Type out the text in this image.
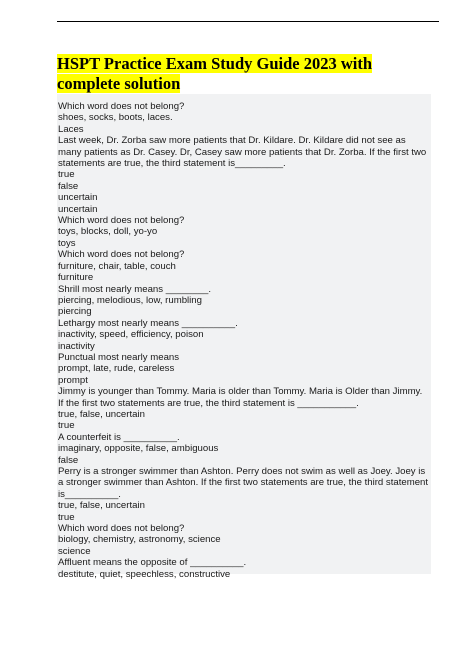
HSPT Practice Exam Study Guide 2023 with complete solution
Which word does not belong?
shoes, socks, boots, laces.
Laces
Last week, Dr. Zorba saw more patients that Dr. Kildare. Dr. Kildare did not see as
many patients as Dr. Casey. Dr, Casey saw more patients that Dr. Zorba. If the first two
statements are true, the third statement is_________.
true
false
uncertain
uncertain
Which word does not belong?
toys, blocks, doll, yo-yo
toys
Which word does not belong?
furniture, chair, table, couch
furniture
Shrill most nearly means ________.
piercing, melodious, low, rumbling
piercing
Lethargy most nearly means __________.
inactivity, speed, efficiency, poison
inactivity
Punctual most nearly means
prompt, late, rude, careless
prompt
Jimmy is younger than Tommy. Maria is older than Tommy. Maria is Older than Jimmy.
If the first two statements are true, the third statement is ___________.
true, false, uncertain
true
A counterfeit is __________.
imaginary, opposite, false, ambiguous
false
Perry is a stronger swimmer than Ashton. Perry does not swim as well as Joey. Joey is
a stronger swimmer than Ashton. If the first two statements are true, the third statement
is__________.
true, false, uncertain
true
Which word does not belong?
biology, chemistry, astronomy, science
science
Affluent means the opposite of __________.
destitute, quiet, speechless, constructive
